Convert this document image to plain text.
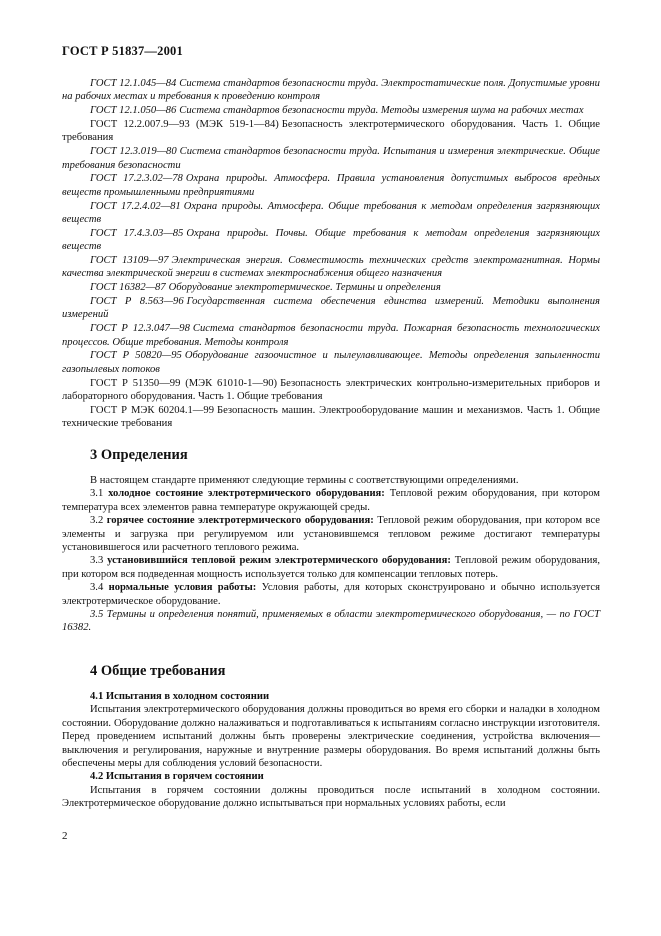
ГОСТ Р 51837—2001

ГОСТ 12.1.045—84 Система стандартов безопасности труда. Электростатические поля. Допустимые уровни на рабочих местах и требования к проведению контроля

ГОСТ 12.1.050—86 Система стандартов безопасности труда. Методы измерения шума на рабочих местах

ГОСТ 12.2.007.9—93 (МЭК 519-1—84) Безопасность электротермического оборудования. Часть 1. Общие требования

ГОСТ 12.3.019—80 Система стандартов безопасности труда. Испытания и измерения электрические. Общие требования безопасности

ГОСТ 17.2.3.02—78 Охрана природы. Атмосфера. Правила установления допустимых выбросов вредных веществ промышленными предприятиями

ГОСТ 17.2.4.02—81 Охрана природы. Атмосфера. Общие требования к методам определения загрязняющих веществ

ГОСТ 17.4.3.03—85 Охрана природы. Почвы. Общие требования к методам определения загрязняющих веществ

ГОСТ 13109—97 Электрическая энергия. Совместимость технических средств электромагнитная. Нормы качества электрической энергии в системах электроснабжения общего назначения

ГОСТ 16382—87 Оборудование электротермическое. Термины и определения

ГОСТ Р 8.563—96 Государственная система обеспечения единства измерений. Методики выполнения измерений

ГОСТ Р 12.3.047—98 Система стандартов безопасности труда. Пожарная безопасность технологических процессов. Общие требования. Методы контроля

ГОСТ Р 50820—95 Оборудование газоочистное и пылеулавливающее. Методы определения запыленности газопылевых потоков

ГОСТ Р 51350—99 (МЭК 61010-1—90) Безопасность электрических контрольно-измерительных приборов и лабораторного оборудования. Часть 1. Общие требования

ГОСТ Р МЭК 60204.1—99 Безопасность машин. Электрооборудование машин и механизмов. Часть 1. Общие технические требования

3 Определения

В настоящем стандарте применяют следующие термины с соответствующими определениями.

3.1 холодное состояние электротермического оборудования: Тепловой режим оборудования, при котором температура всех элементов равна температуре окружающей среды.

3.2 горячее состояние электротермического оборудования: Тепловой режим оборудования, при котором все элементы и загрузка при регулируемом или установившемся тепловом режиме достигают температуры установившегося или расчетного теплового режима.

3.3 установившийся тепловой режим электротермического оборудования: Тепловой режим оборудования, при котором вся подведенная мощность используется только для компенсации тепловых потерь.

3.4 нормальные условия работы: Условия работы, для которых сконструировано и обычно используется электротермическое оборудование.

3.5 Термины и определения понятий, применяемых в области электротермического оборудования, — по ГОСТ 16382.

4 Общие требования

4.1 Испытания в холодном состоянии

Испытания электротермического оборудования должны проводиться во время его сборки и наладки в холодном состоянии. Оборудование должно налаживаться и подготавливаться к испытаниям согласно инструкции изготовителя. Перед проведением испытаний должны быть проверены электрические соединения, устройства включения—выключения и регулирования, наружные и внутренние размеры оборудования. Во время испытаний должны быть обеспечены меры для соблюдения условий безопасности.

4.2 Испытания в горячем состоянии

Испытания в горячем состоянии должны проводиться после испытаний в холодном состоянии. Электротермическое оборудование должно испытываться при нормальных условиях работы, если

2
